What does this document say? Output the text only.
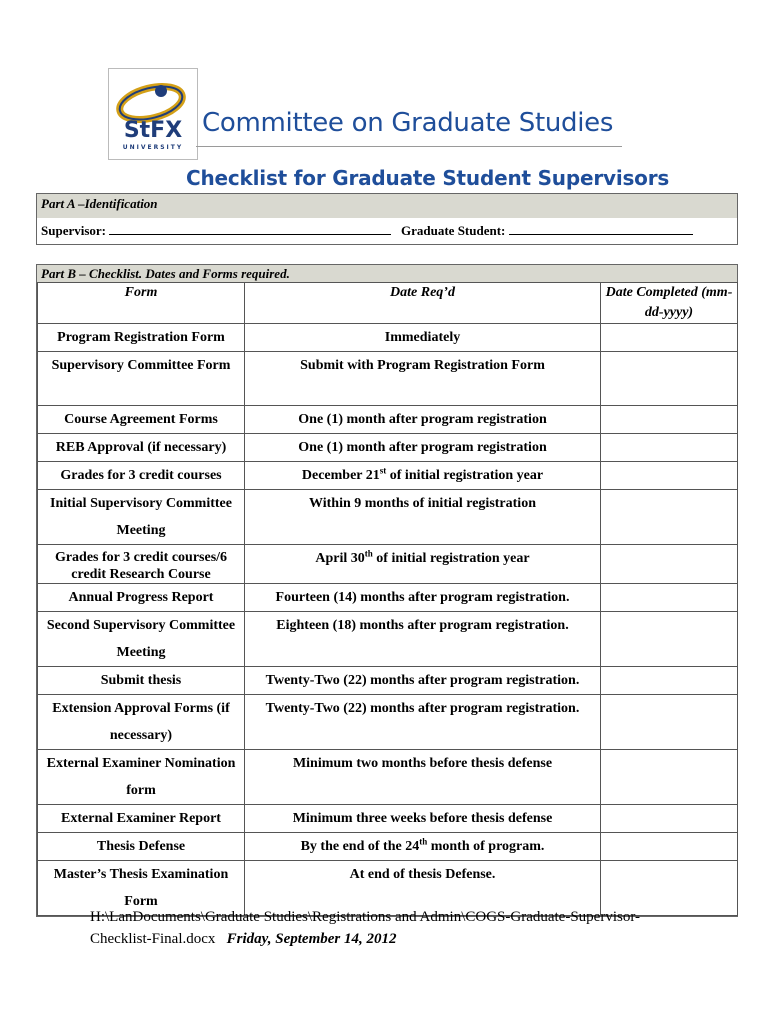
StFX
UNIVERSITY
Committee on Graduate Studies
Checklist for Graduate Student Supervisors
Part A –Identification
Supervisor:	Graduate Student:
Part B – Checklist. Dates and Forms required.
Form	Date Req’d	Date Completed (mm-dd-yyyy)
Program Registration Form	Immediately	
Supervisory Committee Form	Submit with Program Registration Form	
Course Agreement Forms	One (1) month after program registration	
REB Approval (if necessary)	One (1) month after program registration	
Grades for 3 credit courses	December 21st of initial registration year	
Initial Supervisory Committee Meeting	Within 9 months of initial registration	
Grades for 3 credit courses/6 credit Research Course	April 30th of initial registration year	
Annual Progress Report	Fourteen (14) months after program registration.	
Second Supervisory Committee Meeting	Eighteen (18) months after program registration.	
Submit thesis	Twenty-Two (22) months after program registration.	
Extension Approval Forms (if necessary)	Twenty-Two (22) months after program registration.	
External Examiner Nomination form	Minimum two months before thesis defense	
External Examiner Report	Minimum three weeks before thesis defense	
Thesis Defense	By the end of the 24th month of program.	
Master’s Thesis Examination Form	At end of thesis Defense.	
H:\LanDocuments\Graduate Studies\Registrations and Admin\COGS-Graduate-Supervisor-Checklist-Final.docx Friday, September 14, 2012
